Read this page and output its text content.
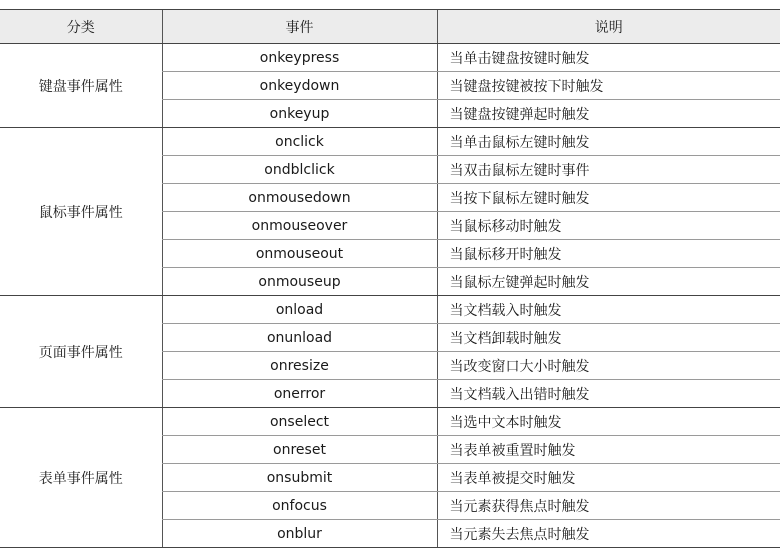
分类	事件	说明
键盘事件属性	onkeypress	当单击键盘按键时触发
	onkeydown	当键盘按键被按下时触发
	onkeyup	当键盘按键弹起时触发
鼠标事件属性	onclick	当单击鼠标左键时触发
	ondblclick	当双击鼠标左键时事件
	onmousedown	当按下鼠标左键时触发
	onmouseover	当鼠标移动时触发
	onmouseout	当鼠标移开时触发
	onmouseup	当鼠标左键弹起时触发
页面事件属性	onload	当文档载入时触发
	onunload	当文档卸载时触发
	onresize	当改变窗口大小时触发
	onerror	当文档载入出错时触发
表单事件属性	onselect	当选中文本时触发
	onreset	当表单被重置时触发
	onsubmit	当表单被提交时触发
	onfocus	当元素获得焦点时触发
	onblur	当元素失去焦点时触发
